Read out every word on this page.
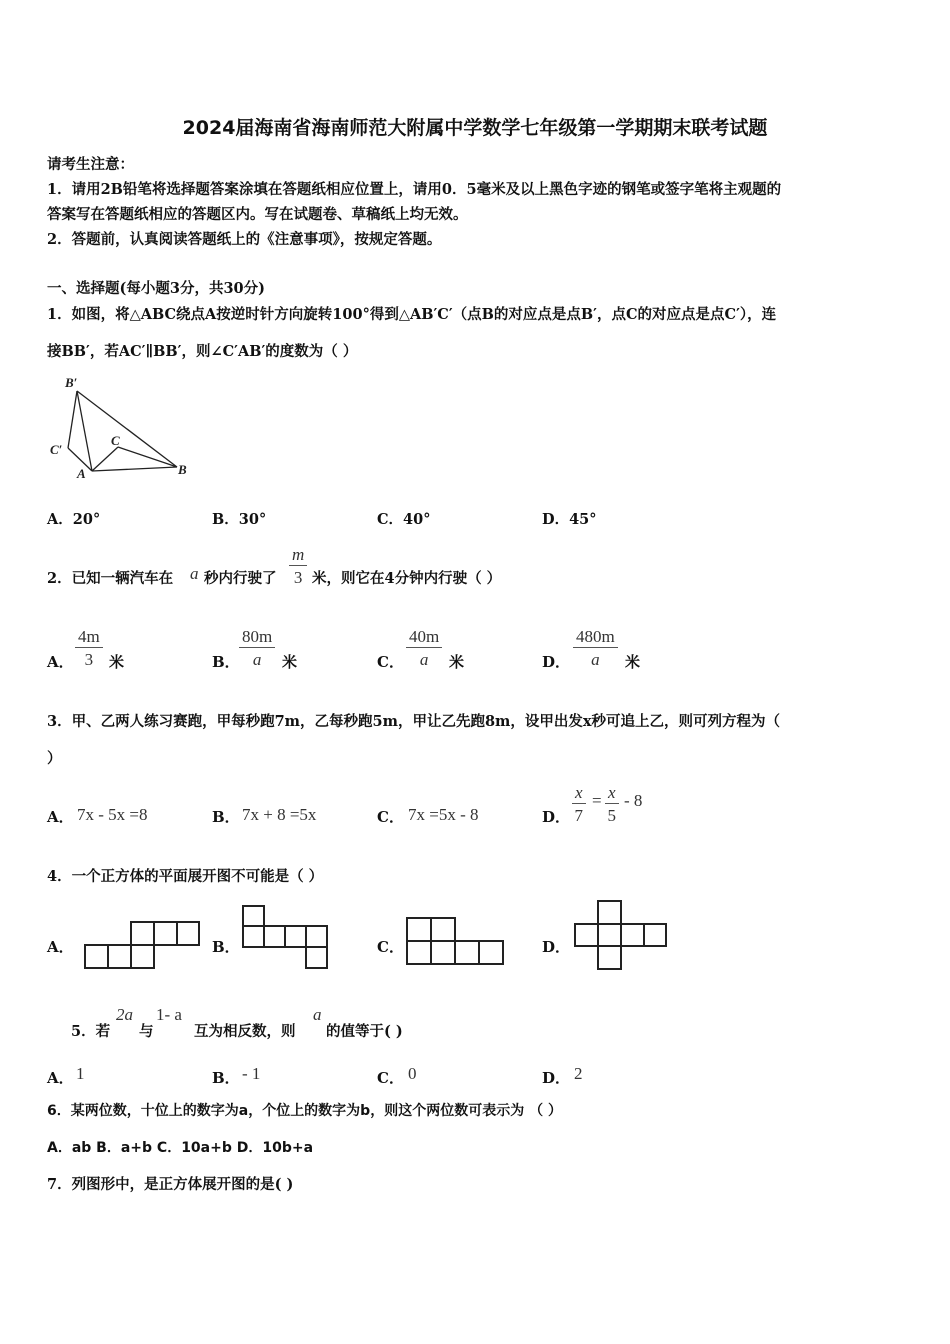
2024届海南省海南师范大附属中学数学七年级第一学期期末联考试题
请考生注意：
1．请用2B铅笔将选择题答案涂填在答题纸相应位置上，请用0．5毫米及以上黑色字迹的钢笔或签字笔将主观题的
答案写在答题纸相应的答题区内。写在试题卷、草稿纸上均无效。
2．答题前，认真阅读答题纸上的《注意事项》，按规定答题。
一、选择题(每小题3分，共30分)
1．如图，将△ABC绕点A按逆时针方向旋转100°得到△AB′C′（点B的对应点是点B′，点C的对应点是点C′），连
接BB′，若AC′∥BB′，则∠C′AB′的度数为（ ）
B′
C′
C
A	B
A．20°	B．30°	C．40°	D．45°
2．已知一辆汽车在 a 秒内行驶了 $\frac{m}{3}$ 米，则它在4分钟内行驶（ ）
A． $\frac{4m}{3}$ 米	B． $\frac{80m}{a}$ 米	C． $\frac{40m}{a}$ 米	D． $\frac{480m}{a}$ 米
3．甲、乙两人练习赛跑，甲每秒跑7m，乙每秒跑5m，甲让乙先跑8m，设甲出发x秒可追上乙，则可列方程为（
）
A． 7x - 5x =8	B． 7x + 8 =5x	C． 7x =5x - 8	D． $\frac{x}{7} = \frac{x}{5} - 8$
4．一个正方体的平面展开图不可能是（ ）
A．	B．	C．	D．
5．若
2a
与
1- a
互为相反数，则
a
的值等于( )
A． 1	B． - 1	C． 0	D． 2
6．某两位数，十位上的数字为a，个位上的数字为b，则这个两位数可表示为 （ ）
A．ab B．a+b C．10a+b D．10b+a
7．列图形中，是正方体展开图的是( )
